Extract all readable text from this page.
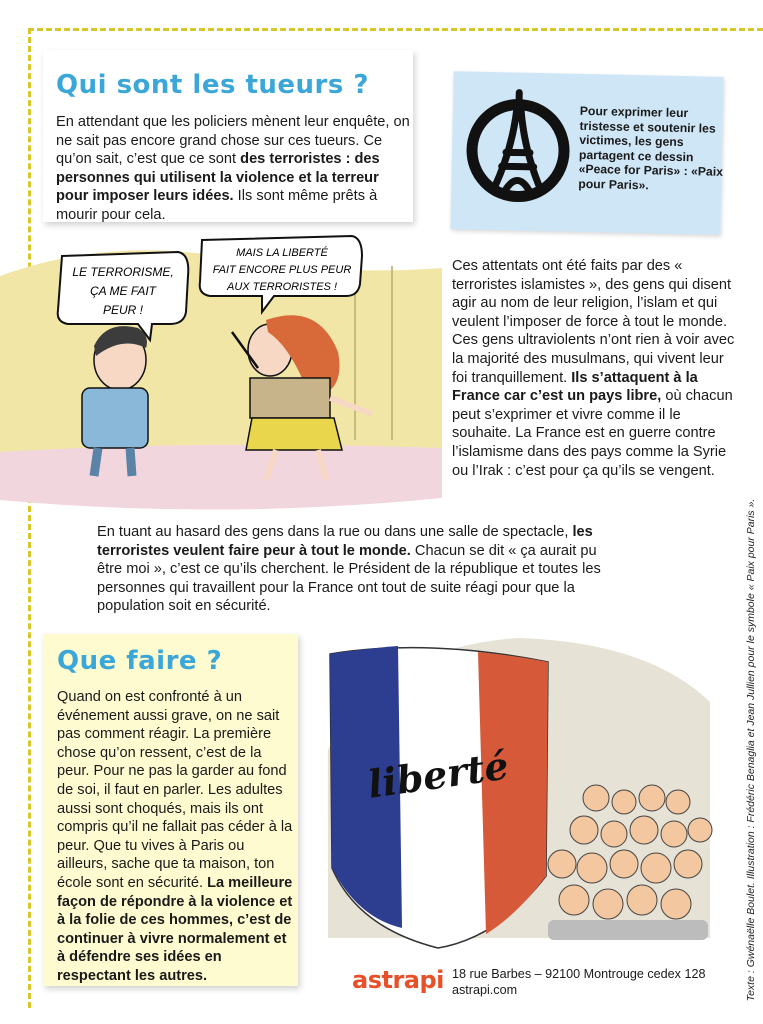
Qui sont les tueurs ?

En attendant que les policiers mènent leur enquête, on ne sait pas encore grand chose sur ces tueurs. Ce qu’on sait, c’est que ce sont des terroristes : des personnes qui utilisent la violence et la terreur pour imposer leurs idées. Ils sont même prêts à mourir pour cela.

Pour exprimer leur tristesse et soutenir les victimes, les gens partagent ce dessin «Peace for Paris» : «Paix pour Paris».

LE TERRORISME,
ÇA ME FAIT
PEUR !
MAIS LA LIBERTÉ
FAIT ENCORE PLUS PEUR
AUX TERRORISTES !

Ces attentats ont été faits par des « terroristes islamistes », des gens qui disent agir au nom de leur religion, l’islam et qui veulent l’imposer de force à tout le monde. Ces gens ultraviolents n’ont rien à voir avec la majorité des musulmans, qui vivent leur foi tranquillement. Ils s’attaquent à la France car c’est un pays libre, où chacun peut s’exprimer et vivre comme il le souhaite. La France est en guerre contre l’islamisme dans des pays comme la Syrie ou l’Irak : c’est pour ça qu’ils se vengent.

En tuant au hasard des gens dans la rue ou dans une salle de spectacle, les terroristes veulent faire peur à tout le monde. Chacun se dit « ça aurait pu être moi », c’est ce qu’ils cherchent. le Président de la république et toutes les personnes qui travaillent pour la France ont tout de suite réagi pour que la population soit en sécurité.

Que faire ?

Quand on est confronté à un événement aussi grave, on ne sait pas comment réagir. La première chose qu’on ressent, c’est de la peur. Pour ne pas la garder au fond de soi, il faut en parler. Les adultes aussi sont choqués, mais ils ont compris qu’il ne fallait pas céder à la peur. Que tu vives à Paris ou ailleurs, sache que ta maison, ton école sont en sécurité. La meilleure façon de répondre à la violence et à la folie de ces hommes, c’est de continuer à vivre normalement et à défendre ses idées en respectant les autres.

liberté	Texte : Gwénaëlle Boulet. Illustration : Frédéric Benaglia et Jean Jullien pour le symbole « Paix pour Paris ».
astrapi 18 rue Barbes – 92100 Montrouge cedex 128
astrapi.com
